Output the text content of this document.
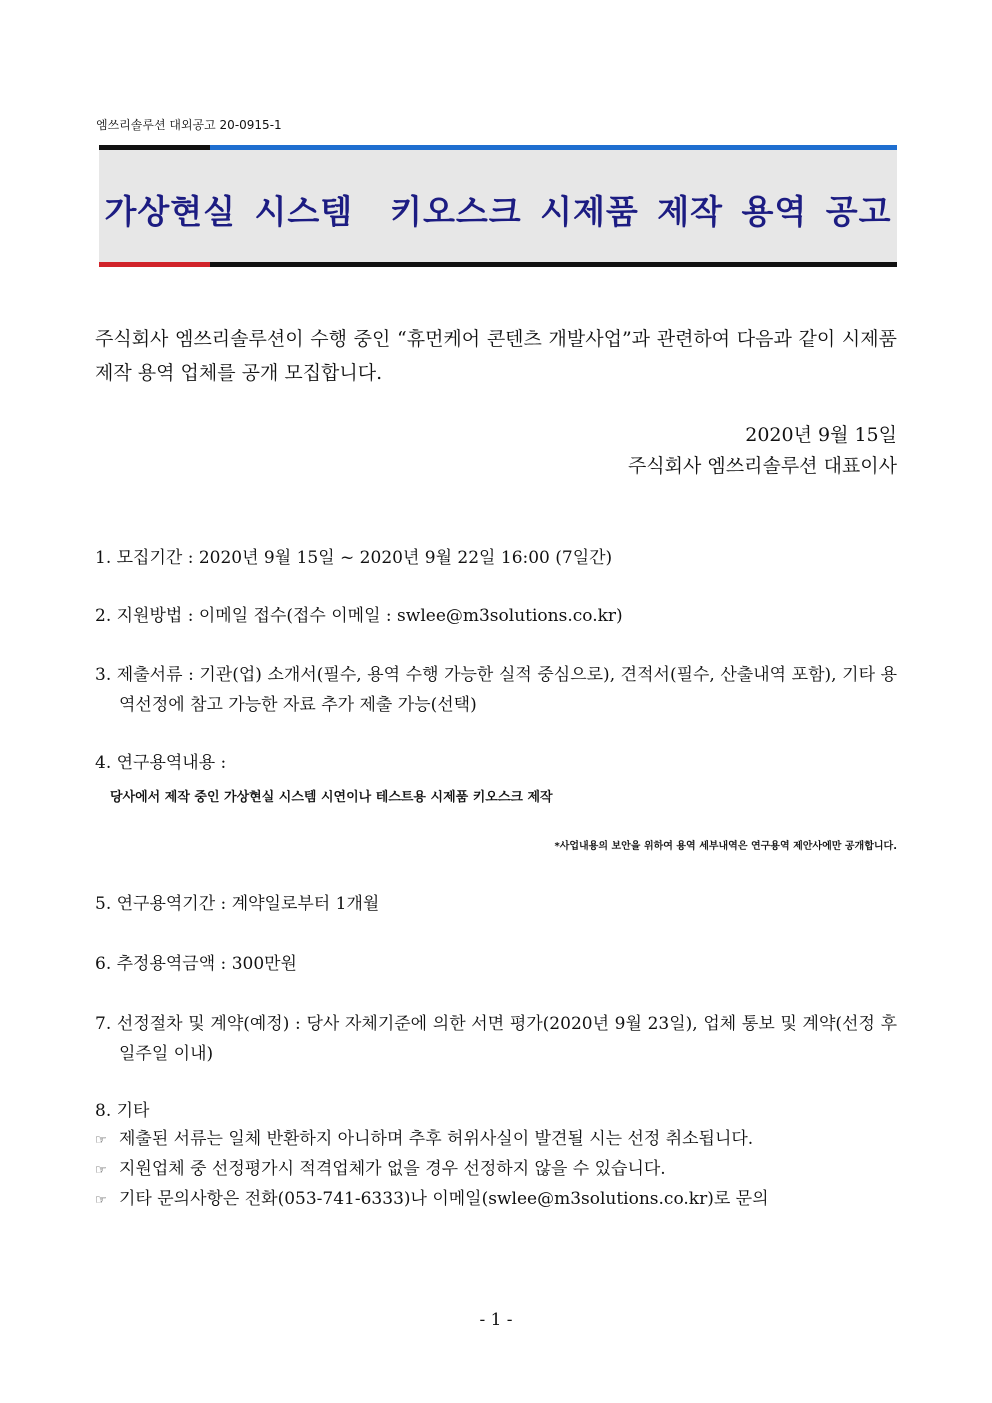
엠쓰리솔루션 대외공고 20-0915-1
가상현실 시스템  키오스크 시제품 제작 용역 공고
주식회사 엠쓰리솔루션이 수행 중인 “휴먼케어 콘텐츠 개발사업”과 관련하여 다음과 같이 시제품 제작 용역 업체를 공개 모집합니다.
2020년 9월 15일
주식회사 엠쓰리솔루션 대표이사
1. 모집기간 : 2020년 9월 15일 ~ 2020년 9월 22일 16:00 (7일간)
2. 지원방법 : 이메일 접수(접수 이메일 : swlee@m3solutions.co.kr)
3. 제출서류 : 기관(업) 소개서(필수, 용역 수행 가능한 실적 중심으로), 견적서(필수, 산출내역 포함), 기타 용역선정에 참고 가능한 자료 추가 제출 가능(선택)
4. 연구용역내용 :
당사에서 제작 중인 가상현실 시스템 시연이나 테스트용 시제품 키오스크 제작
*사업내용의 보안을 위하여 용역 세부내역은 연구용역 제안사에만 공개합니다.
5. 연구용역기간 : 계약일로부터 1개월
6. 추정용역금액 : 300만원
7. 선정절차 및 계약(예정) : 당사 자체기준에 의한 서면 평가(2020년 9월 23일), 업체 통보 및 계약(선정 후 일주일 이내)
8. 기타
☞ 제출된 서류는 일체 반환하지 아니하며 추후 허위사실이 발견될 시는 선정 취소됩니다.
☞ 지원업체 중 선정평가시 적격업체가 없을 경우 선정하지 않을 수 있습니다.
☞ 기타 문의사항은 전화(053-741-6333)나 이메일(swlee@m3solutions.co.kr)로 문의
- 1 -
